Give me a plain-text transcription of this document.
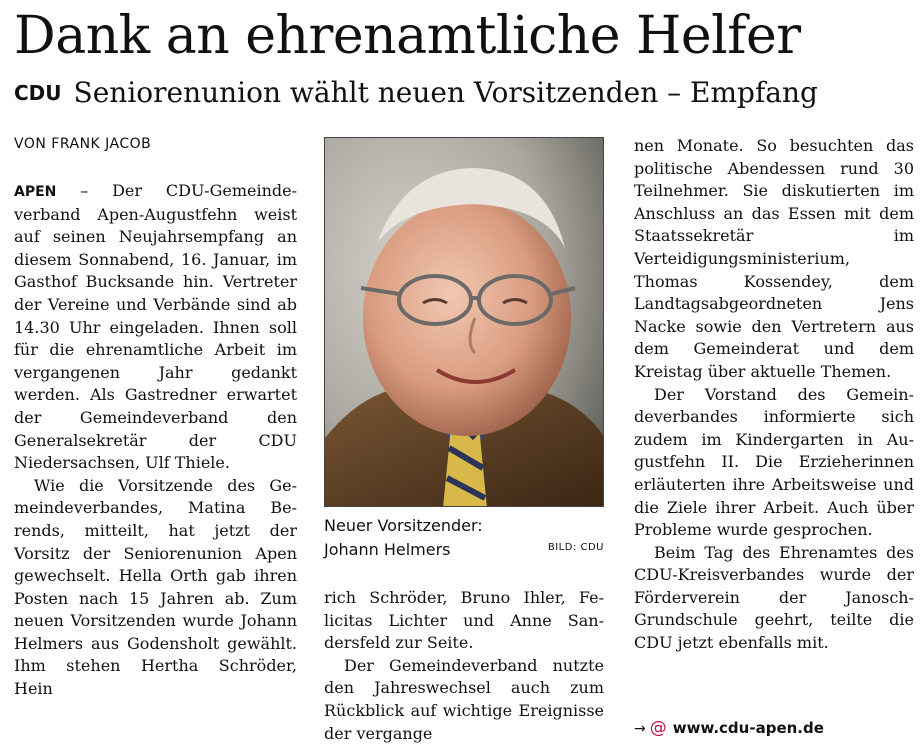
Dank an ehrenamtliche Helfer
CDU Seniorenunion wählt neuen Vorsitzenden – Empfang
VON FRANK JACOB

APEN – Der CDU-Gemeindeverband Apen-Augustfehn weist auf seinen Neujahrsempfang an diesem Sonnabend, 16. Januar, im Gasthof Bucksande hin. Vertreter der Vereine und Verbände sind ab 14.30 Uhr eingeladen. Ihnen soll für die ehrenamtliche Arbeit im vergangenen Jahr gedankt werden. Als Gastredner erwartet der Gemeindeverband den Generalsekretär der CDU Niedersachsen, Ulf Thiele.

Wie die Vorsitzende des Gemeindeverbandes, Matina Berends, mitteilt, hat jetzt der Vorsitz der Seniorenunion Apen gewechselt. Hella Orth gab ihren Posten nach 15 Jahren ab. Zum neuen Vorsitzenden wurde Johann Helmers aus Godensholt gewählt. Ihm stehen Hertha Schröder, Hein

Neuer Vorsitzender:
Johann Helmers	BILD: CDU

rich Schröder, Bruno Ihler, Felicitas Lichter und Anne Sandersfeld zur Seite.

Der Gemeindeverband nutzte den Jahreswechsel auch zum Rückblick auf wichtige Ereignisse der vergange

nen Monate. So besuchten das politische Abendessen rund 30 Teilnehmer. Sie diskutierten im Anschluss an das Essen mit dem Staatssekretär im Verteidigungsministerium, Thomas Kossendey, dem Landtagsabgeordneten Jens Nacke sowie den Vertretern aus dem Gemeinderat und dem Kreistag über aktuelle Themen.

Der Vorstand des Gemeindeverbandes informierte sich zudem im Kindergarten in Augustfehn II. Die Erzieherinnen erläuterten ihre Arbeitsweise und die Ziele ihrer Arbeit. Auch über Probleme wurde gesprochen.

Beim Tag des Ehrenamtes des CDU-Kreisverbandes wurde der Förderverein der Janosch-Grundschule geehrt, teilte die CDU jetzt ebenfalls mit.

→ @ www.cdu-apen.de
